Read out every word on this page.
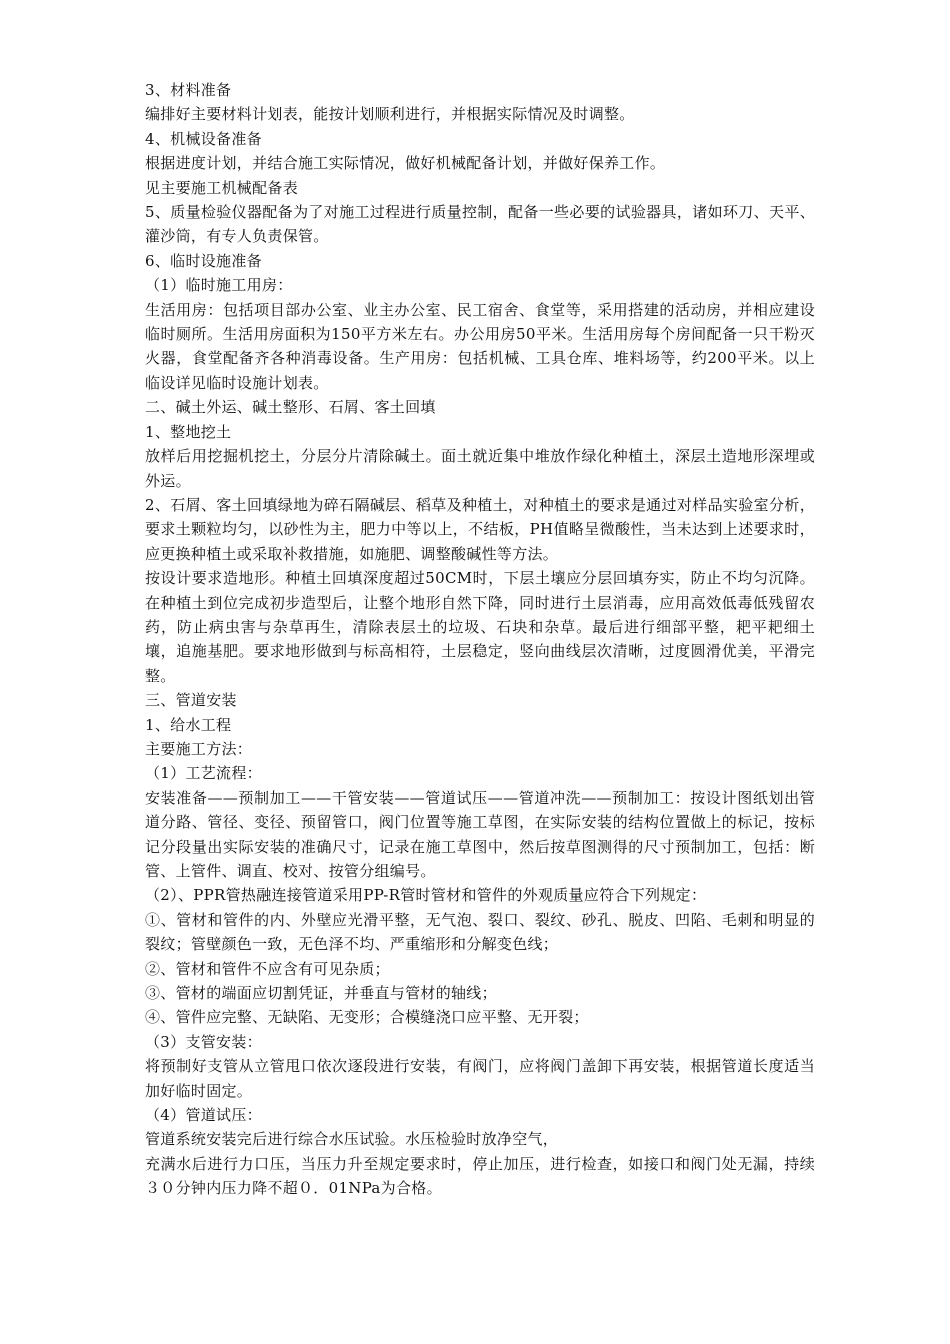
3、材料准备

编排好主要材料计划表，能按计划顺利进行，并根据实际情况及时调整。

4、机械设备准备

根据进度计划，并结合施工实际情况，做好机械配备计划，并做好保养工作。

见主要施工机械配备表

5、质量检验仪器配备为了对施工过程进行质量控制，配备一些必要的试验器具，诸如环刀、天平、灌沙筒，有专人负责保管。

6、临时设施准备

（1）临时施工用房：

生活用房：包括项目部办公室、业主办公室、民工宿舍、食堂等，采用搭建的活动房，并相应建设临时厕所。生活用房面积为150平方米左右。办公用房50平米。生活用房每个房间配备一只干粉灭火器，食堂配备齐各种消毒设备。生产用房：包括机械、工具仓库、堆料场等，约200平米。以上临设详见临时设施计划表。

二、碱土外运、碱土整形、石屑、客土回填

1、整地挖土

放样后用挖掘机挖土，分层分片清除碱土。面土就近集中堆放作绿化种植土，深层土造地形深埋或外运。

2、石屑、客土回填绿地为碎石隔碱层、稻草及种植土，对种植土的要求是通过对样品实验室分析，要求土颗粒均匀，以砂性为主，肥力中等以上，不结板，PH值略呈微酸性，当未达到上述要求时，应更换种植土或采取补救措施，如施肥、调整酸碱性等方法。

按设计要求造地形。种植土回填深度超过50CM时，下层土壤应分层回填夯实，防止不均匀沉降。在种植土到位完成初步造型后，让整个地形自然下降，同时进行土层消毒，应用高效低毒低残留农药，防止病虫害与杂草再生，清除表层土的垃圾、石块和杂草。最后进行细部平整，耙平耙细土壤，追施基肥。要求地形做到与标高相符，土层稳定，竖向曲线层次清晰，过度圆滑优美，平滑完整。

三、管道安装

1、给水工程

主要施工方法：

（1）工艺流程：

安装准备——预制加工——干管安装——管道试压——管道冲洗——预制加工：按设计图纸划出管道分路、管径、变径、预留管口，阀门位置等施工草图，在实际安装的结构位置做上的标记，按标记分段量出实际安装的准确尺寸，记录在施工草图中，然后按草图测得的尺寸预制加工，包括：断管、上管件、调直、校对、按管分组编号。

（2）、PPR管热融连接管道采用PP-R管时管材和管件的外观质量应符合下列规定：

①、管材和管件的内、外壁应光滑平整，无气泡、裂口、裂纹、砂孔、脱皮、凹陷、毛刺和明显的裂纹；管壁颜色一致，无色泽不均、严重缩形和分解变色线；

②、管材和管件不应含有可见杂质；

③、管材的端面应切割凭证，并垂直与管材的轴线；

④、管件应完整、无缺陷、无变形；合模缝浇口应平整、无开裂；

（3）支管安装：

将预制好支管从立管甩口依次逐段进行安装，有阀门，应将阀门盖卸下再安装，根据管道长度适当加好临时固定。

（4）管道试压：

管道系统安装完后进行综合水压试验。水压检验时放净空气，

充满水后进行力口压，当压力升至规定要求时，停止加压，进行检查，如接口和阀门处无漏，持续３０分钟内压力降不超０．01NPa为合格。
